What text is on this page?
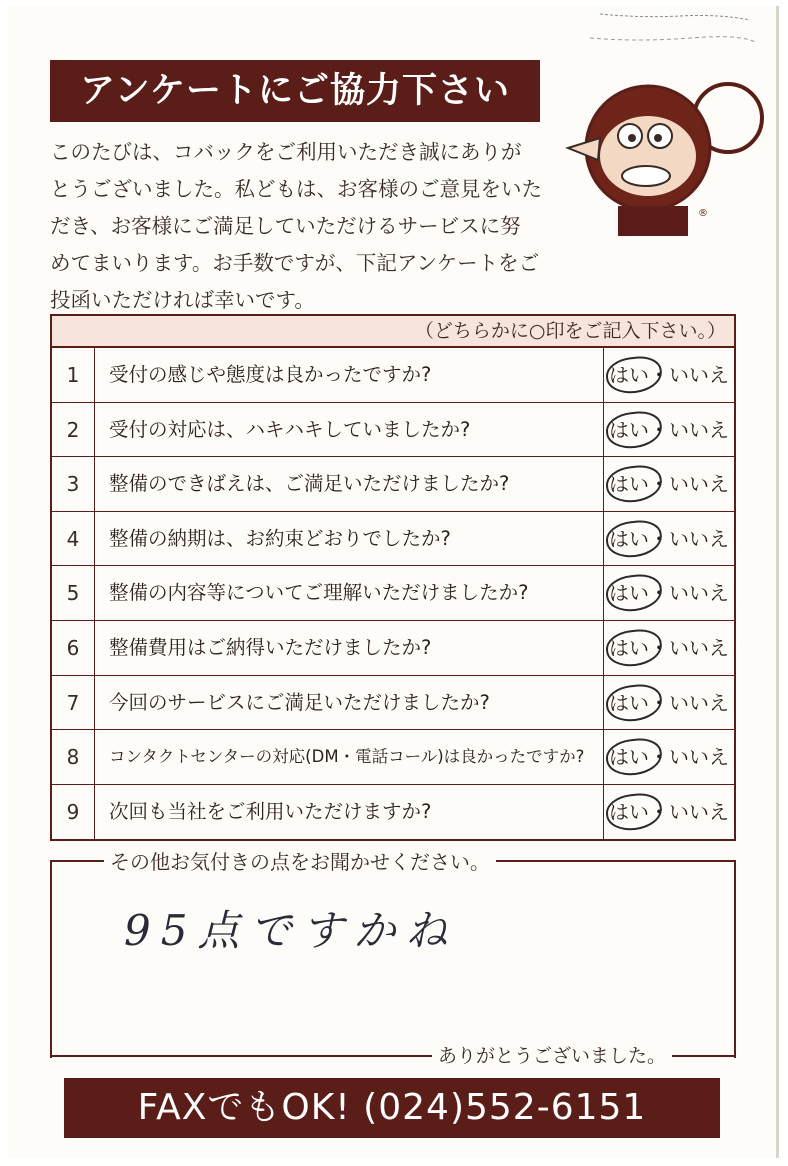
アンケートにご協力下さい
®
このたびは、コバックをご利用いただき誠にありが
とうございました。私どもは、お客様のご意見をいた
だき、お客様にご満足していただけるサービスに努
めてまいります。お手数ですが、下記アンケートをご
投函いただければ幸いです。
（どちらかに○印をご記入下さい。）
1	受付の感じや態度は良かったですか?	はい・いいえ
2	受付の対応は、ハキハキしていましたか?	はい・いいえ
3	整備のできばえは、ご満足いただけましたか?	はい・いいえ
4	整備の納期は、お約束どおりでしたか?	はい・いいえ
5	整備の内容等についてご理解いただけましたか?	はい・いいえ
6	整備費用はご納得いただけましたか?	はい・いいえ
7	今回のサービスにご満足いただけましたか?	はい・いいえ
8	コンタクトセンターの対応(DM・電話コール)は良かったですか?	はい・いいえ
9	次回も当社をご利用いただけますか?	はい・いいえ
その他お気付きの点をお聞かせください。
95点ですかね
ありがとうございました。
FAXでもOK! (024)552-6151
